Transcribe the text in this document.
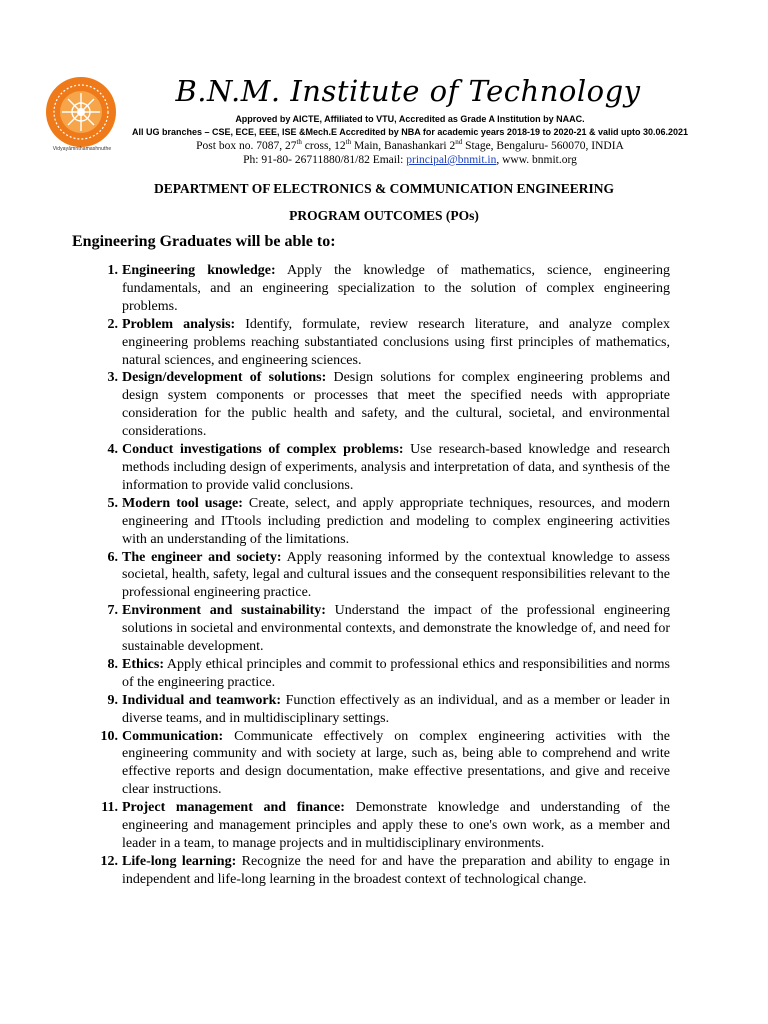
Vidyayāmrithamashnuthe
B.N.M. Institute of Technology
Approved by AICTE, Affiliated to VTU, Accredited as Grade A Institution by NAAC.
All UG branches – CSE, ECE, EEE, ISE &Mech.E Accredited by NBA for academic years 2018-19 to 2020-21 & valid upto 30.06.2021
Post box no. 7087, 27th cross, 12th Main, Banashankari 2nd Stage, Bengaluru- 560070, INDIA
Ph: 91-80- 26711880/81/82 Email: principal@bnmit.in, www. bnmit.org
DEPARTMENT OF ELECTRONICS & COMMUNICATION ENGINEERING
PROGRAM OUTCOMES (POs)
Engineering Graduates will be able to:
1. Engineering knowledge: Apply the knowledge of mathematics, science, engineering fundamentals, and an engineering specialization to the solution of complex engineering problems.
2. Problem analysis: Identify, formulate, review research literature, and analyze complex engineering problems reaching substantiated conclusions using first principles of mathematics, natural sciences, and engineering sciences.
3. Design/development of solutions: Design solutions for complex engineering problems and design system components or processes that meet the specified needs with appropriate consideration for the public health and safety, and the cultural, societal, and environmental considerations.
4. Conduct investigations of complex problems: Use research-based knowledge and research methods including design of experiments, analysis and interpretation of data, and synthesis of the information to provide valid conclusions.
5. Modern tool usage: Create, select, and apply appropriate techniques, resources, and modern engineering and ITtools including prediction and modeling to complex engineering activities with an understanding of the limitations.
6. The engineer and society: Apply reasoning informed by the contextual knowledge to assess societal, health, safety, legal and cultural issues and the consequent responsibilities relevant to the professional engineering practice.
7. Environment and sustainability: Understand the impact of the professional engineering solutions in societal and environmental contexts, and demonstrate the knowledge of, and need for sustainable development.
8. Ethics: Apply ethical principles and commit to professional ethics and responsibilities and norms of the engineering practice.
9. Individual and teamwork: Function effectively as an individual, and as a member or leader in diverse teams, and in multidisciplinary settings.
10. Communication: Communicate effectively on complex engineering activities with the engineering community and with society at large, such as, being able to comprehend and write effective reports and design documentation, make effective presentations, and give and receive clear instructions.
11. Project management and finance: Demonstrate knowledge and understanding of the engineering and management principles and apply these to one's own work, as a member and leader in a team, to manage projects and in multidisciplinary environments.
12. Life-long learning: Recognize the need for and have the preparation and ability to engage in independent and life-long learning in the broadest context of technological change.
